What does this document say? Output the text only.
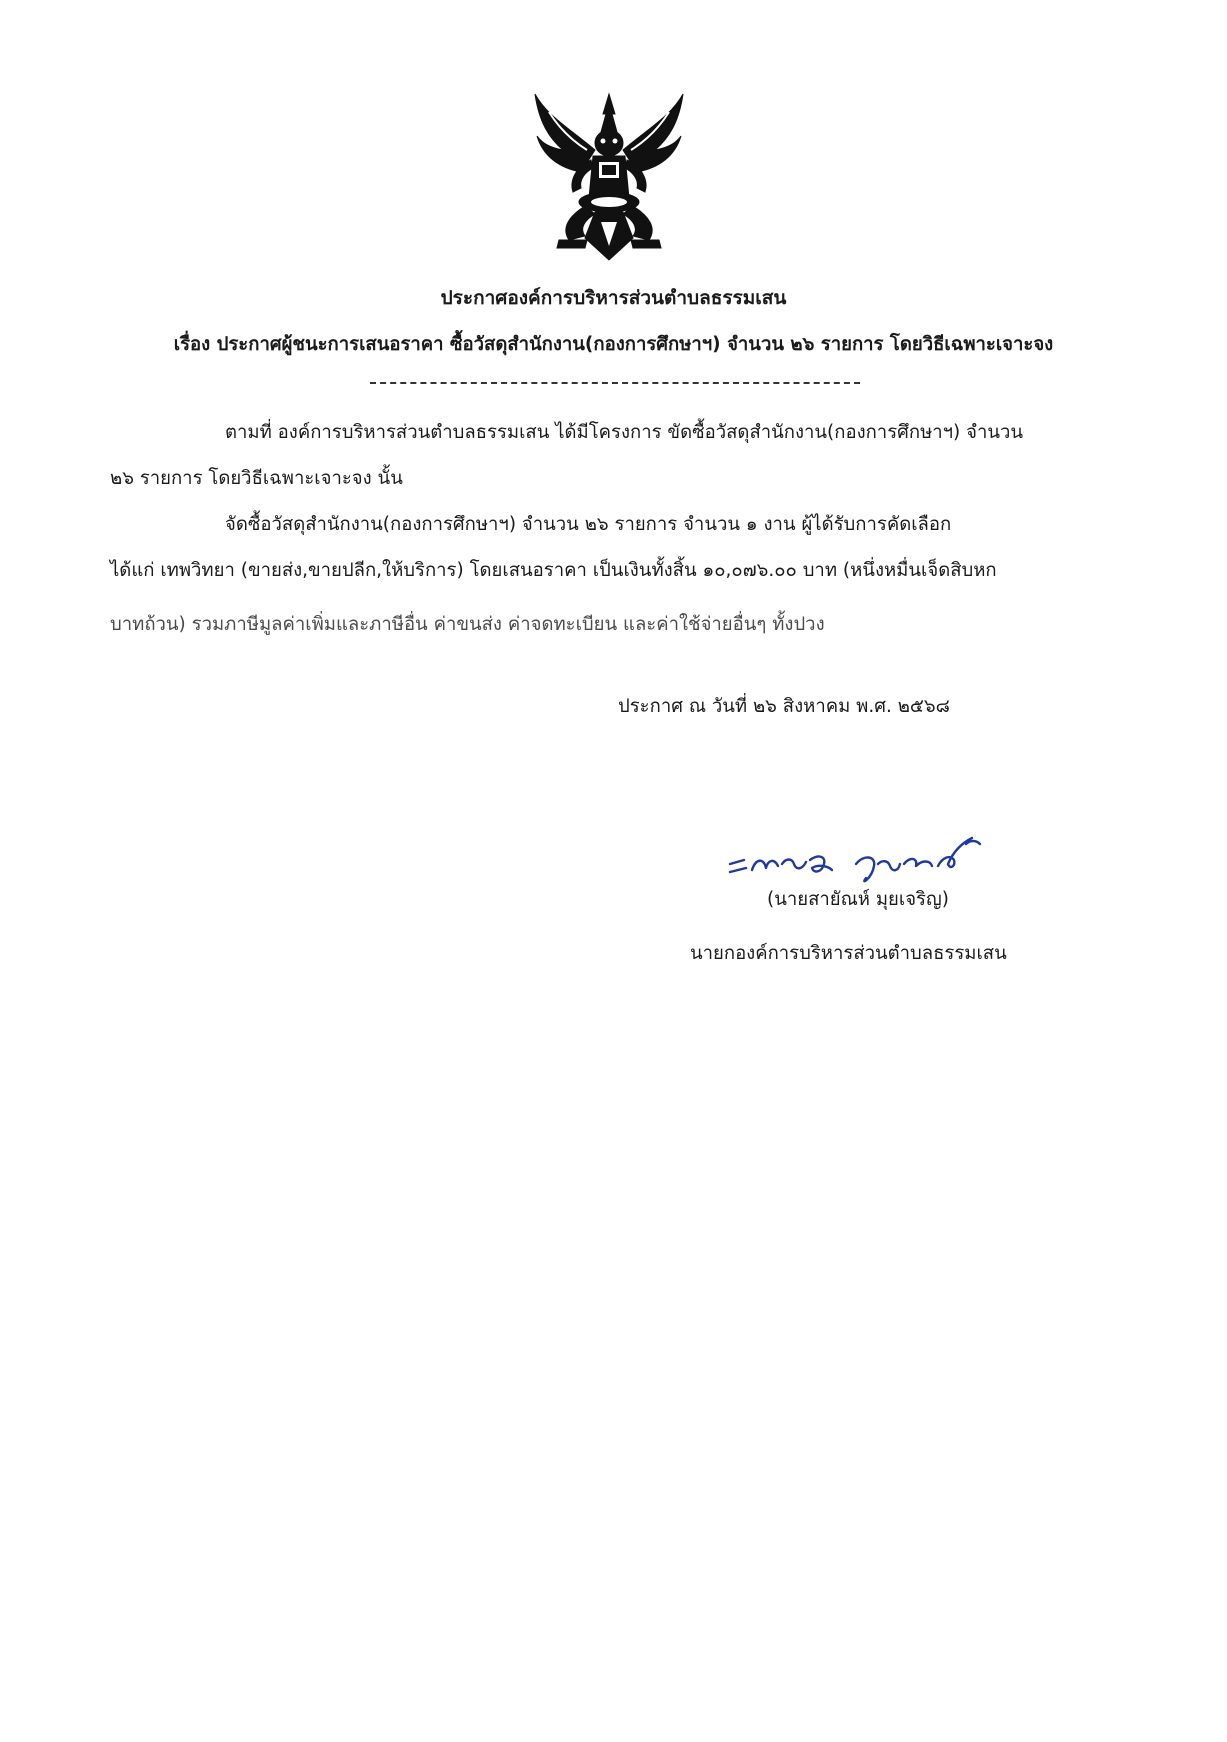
ประกาศองค์การบริหารส่วนตำบลธรรมเสน
เรื่อง ประกาศผู้ชนะการเสนอราคา ซื้อวัสดุสำนักงาน(กองการศึกษาฯ) จำนวน ๒๖ รายการ โดยวิธีเฉพาะเจาะจง
ตามที่ องค์การบริหารส่วนตำบลธรรมเสน ได้มีโครงการ ขัดซื้อวัสดุสำนักงาน(กองการศึกษาฯ) จำนวน
๒๖ รายการ โดยวิธีเฉพาะเจาะจง นั้น
จัดซื้อวัสดุสำนักงาน(กองการศึกษาฯ) จำนวน ๒๖ รายการ จำนวน ๑ งาน ผู้ได้รับการคัดเลือก
ได้แก่ เทพวิทยา (ขายส่ง,ขายปลีก,ให้บริการ) โดยเสนอราคา เป็นเงินทั้งสิ้น ๑๐,๐๗๖.๐๐ บาท (หนึ่งหมื่นเจ็ดสิบหก
บาทถ้วน) รวมภาษีมูลค่าเพิ่มและภาษีอื่น ค่าขนส่ง ค่าจดทะเบียน และค่าใช้จ่ายอื่นๆ ทั้งปวง
ประกาศ ณ วันที่ ๒๖ สิงหาคม พ.ศ. ๒๕๖๘
(นายสายัณห์ มุยเจริญ)
นายกองค์การบริหารส่วนตำบลธรรมเสน
